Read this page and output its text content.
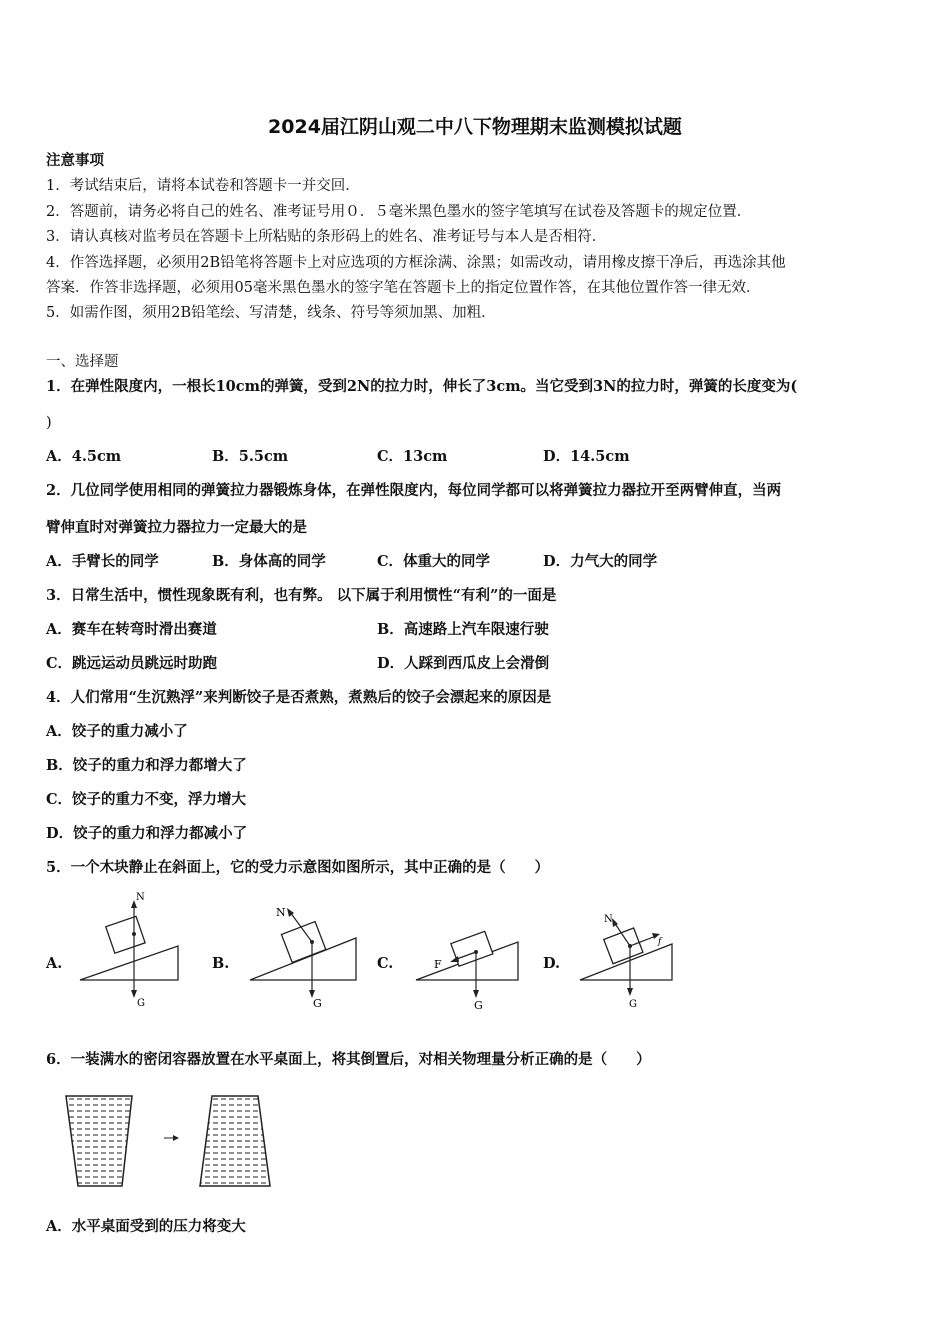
2024届江阴山观二中八下物理期末监测模拟试题
注意事项
1．考试结束后，请将本试卷和答题卡一并交回．
2．答题前，请务必将自己的姓名、准考证号用０．５毫米黑色墨水的签字笔填写在试卷及答题卡的规定位置．
3．请认真核对监考员在答题卡上所粘贴的条形码上的姓名、准考证号与本人是否相符．
4．作答选择题，必须用2B铅笔将答题卡上对应选项的方框涂满、涂黑；如需改动，请用橡皮擦干净后，再选涂其他
答案．作答非选择题，必须用05毫米黑色墨水的签字笔在答题卡上的指定位置作答，在其他位置作答一律无效．
5．如需作图，须用2B铅笔绘、写清楚，线条、符号等须加黑、加粗．
一、选择题
1．在弹性限度内，一根长10cm的弹簧，受到2N的拉力时，伸长了3cm。当它受到3N的拉力时，弹簧的长度变为(
)
A．4.5cm	B．5.5cm	C．13cm	D．14.5cm
2．几位同学使用相同的弹簧拉力器锻炼身体，在弹性限度内，每位同学都可以将弹簧拉力器拉开至两臂伸直，当两
臂伸直时对弹簧拉力器拉力一定最大的是
A．手臂长的同学	B．身体高的同学	C．体重大的同学	D．力气大的同学
3．日常生活中，惯性现象既有利，也有弊。 以下属于利用惯性“有利”的一面是
A．赛车在转弯时滑出赛道	B．高速路上汽车限速行驶
C．跳远运动员跳远时助跑	D．人踩到西瓜皮上会滑倒
4．人们常用“生沉熟浮”来判断饺子是否煮熟，煮熟后的饺子会漂起来的原因是
A．饺子的重力减小了
B．饺子的重力和浮力都增大了
C．饺子的重力不变，浮力增大
D．饺子的重力和浮力都减小了
5．一个木块静止在斜面上，它的受力示意图如图所示，其中正确的是（　　）
A.	B.	C.	D.
N
G
N
G
F
G
N
f
G
6．一装满水的密闭容器放置在水平桌面上，将其倒置后，对相关物理量分析正确的是（　　）
A．水平桌面受到的压力将变大
